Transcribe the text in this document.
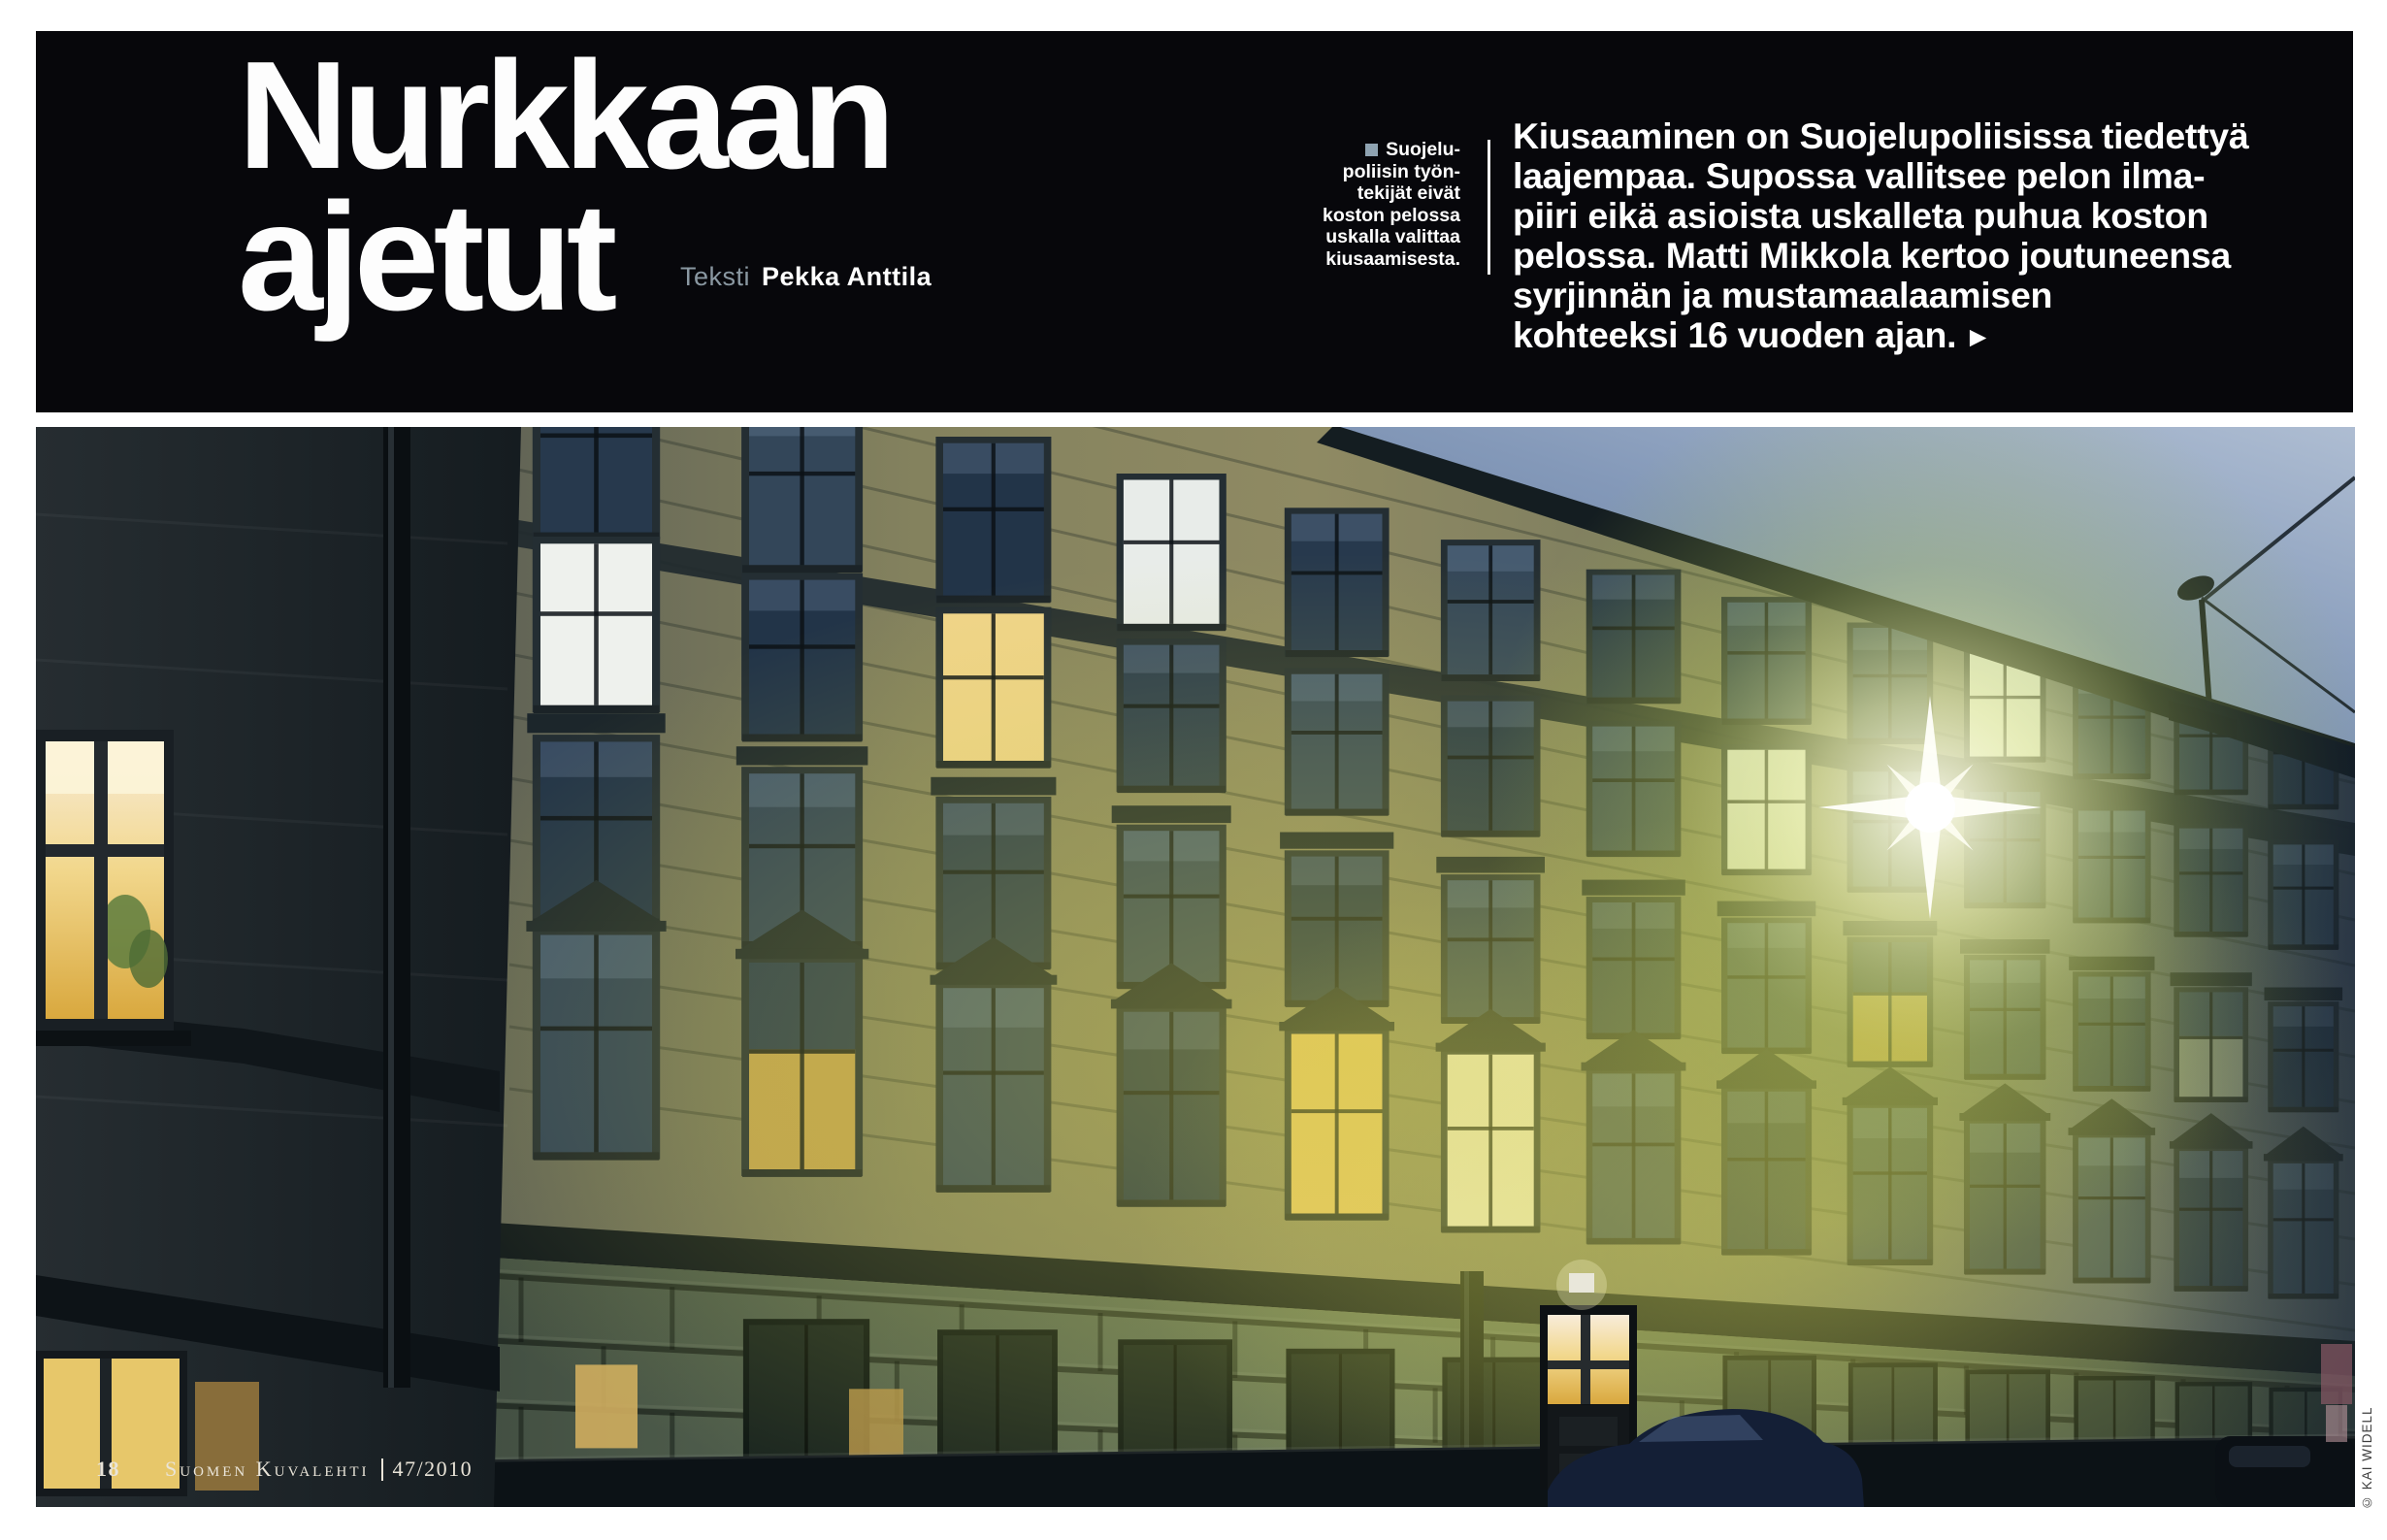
Nurkkaan
ajetut	Teksti Pekka Anttila
Suojelu-
poliisin työn-
tekijät eivät
koston pelossa
uskalla valittaa
kiusaamisesta.
Kiusaaminen on Suojelupoliisissa tiedettyä
laajempaa. Supossa vallitsee pelon ilma-
piiri eikä asioista uskalleta puhua koston
pelossa. Matti Mikkola kertoo joutuneensa
syrjinnän ja mustamaalaamisen
kohteeksi 16 vuoden ajan. ▶
18 Suomen Kuvalehti 47/2010	© KAI WIDELL
